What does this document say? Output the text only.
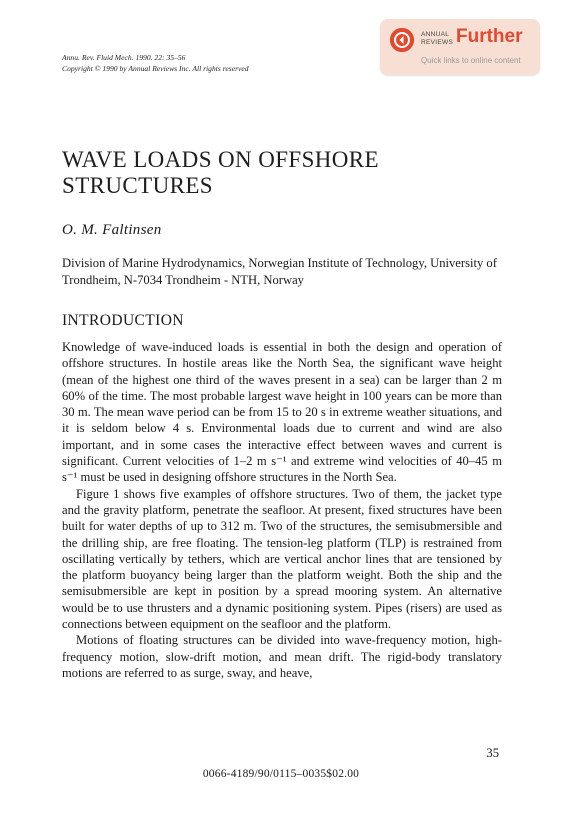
Annu. Rev. Fluid Mech. 1990. 22: 35–56
Copyright © 1990 by Annual Reviews Inc. All rights reserved
ANNUAL
REVIEWS Further
Quick links to online content
WAVE LOADS ON OFFSHORE
STRUCTURES
O. M. Faltinsen
Division of Marine Hydrodynamics, Norwegian Institute of Technology, University of Trondheim, N-7034 Trondheim - NTH, Norway
INTRODUCTION

Knowledge of wave-induced loads is essential in both the design and operation of offshore structures. In hostile areas like the North Sea, the significant wave height (mean of the highest one third of the waves present in a sea) can be larger than 2 m 60% of the time. The most probable largest wave height in 100 years can be more than 30 m. The mean wave period can be from 15 to 20 s in extreme weather situations, and it is seldom below 4 s. Environmental loads due to current and wind are also important, and in some cases the interactive effect between waves and current is significant. Current velocities of 1–2 m s⁻¹ and extreme wind velocities of 40–45 m s⁻¹ must be used in designing offshore structures in the North Sea.

Figure 1 shows five examples of offshore structures. Two of them, the jacket type and the gravity platform, penetrate the seafloor. At present, fixed structures have been built for water depths of up to 312 m. Two of the structures, the semisubmersible and the drilling ship, are free floating. The tension-leg platform (TLP) is restrained from oscillating vertically by tethers, which are vertical anchor lines that are tensioned by the platform buoyancy being larger than the platform weight. Both the ship and the semisubmersible are kept in position by a spread mooring system. An alternative would be to use thrusters and a dynamic positioning system. Pipes (risers) are used as connections between equipment on the seafloor and the platform.

Motions of floating structures can be divided into wave-frequency motion, high-frequency motion, slow-drift motion, and mean drift. The rigid-body translatory motions are referred to as surge, sway, and heave,

35
0066-4189/90/0115–0035$02.00
